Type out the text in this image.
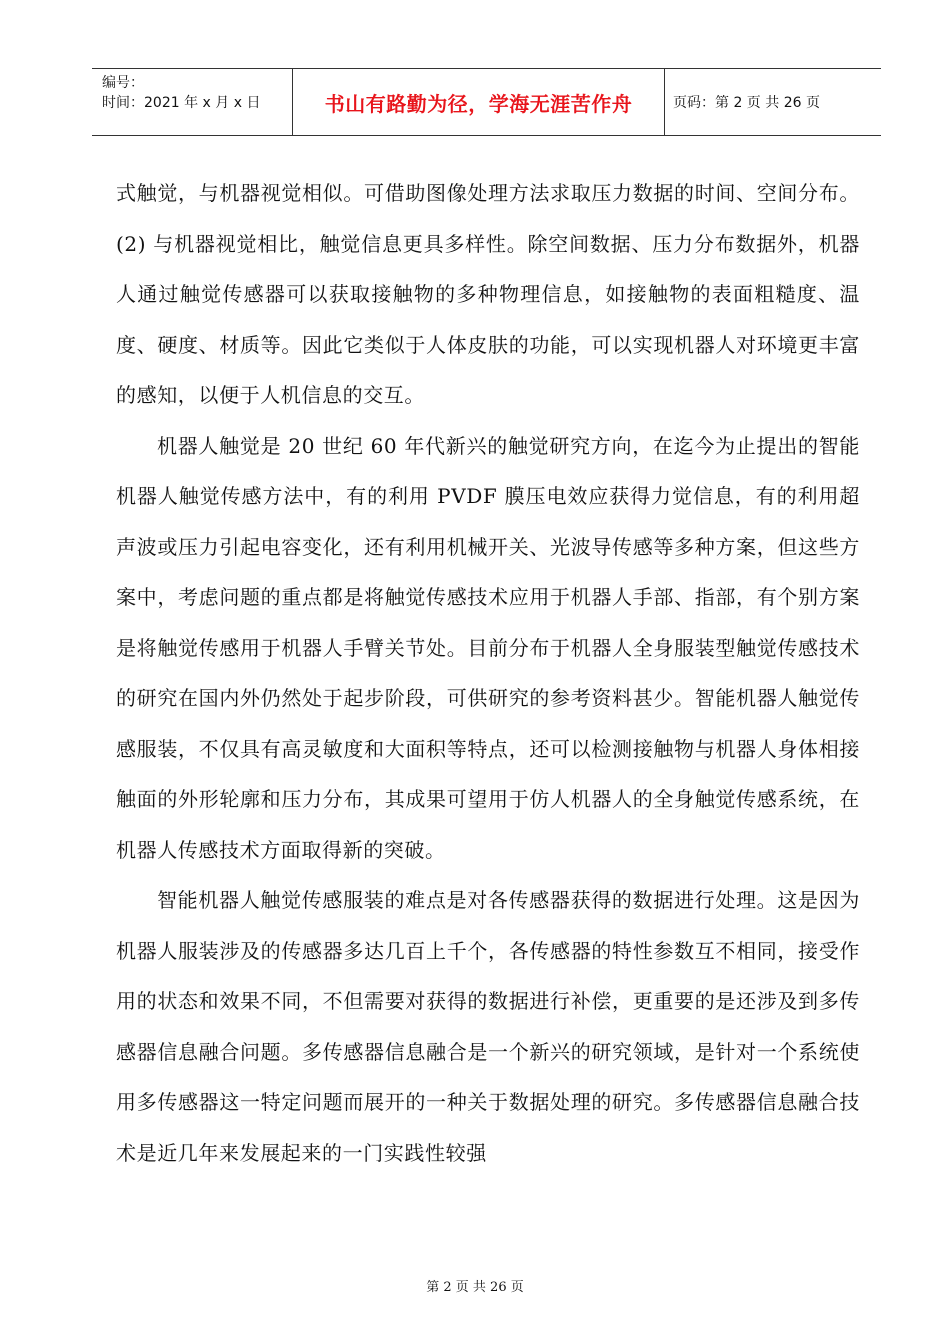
编号：
时间：2021 年 x 月 x 日	书山有路勤为径，学海无涯苦作舟	页码：第 2 页 共 26 页

式触觉，与机器视觉相似。可借助图像处理方法求取压力数据的时间、空间分布。(2) 与机器视觉相比，触觉信息更具多样性。除空间数据、压力分布数据外，机器人通过触觉传感器可以获取接触物的多种物理信息，如接触物的表面粗糙度、温度、硬度、材质等。因此它类似于人体皮肤的功能，可以实现机器人对环境更丰富的感知，以便于人机信息的交互。

机器人触觉是 20 世纪 60 年代新兴的触觉研究方向，在迄今为止提出的智能机器人触觉传感方法中，有的利用 PVDF 膜压电效应获得力觉信息，有的利用超声波或压力引起电容变化，还有利用机械开关、光波导传感等多种方案，但这些方案中，考虑问题的重点都是将触觉传感技术应用于机器人手部、指部，有个别方案是将触觉传感用于机器人手臂关节处。目前分布于机器人全身服装型触觉传感技术的研究在国内外仍然处于起步阶段，可供研究的参考资料甚少。智能机器人触觉传感服装，不仅具有高灵敏度和大面积等特点，还可以检测接触物与机器人身体相接触面的外形轮廓和压力分布，其成果可望用于仿人机器人的全身触觉传感系统，在机器人传感技术方面取得新的突破。

智能机器人触觉传感服装的难点是对各传感器获得的数据进行处理。这是因为机器人服装涉及的传感器多达几百上千个，各传感器的特性参数互不相同，接受作用的状态和效果不同，不但需要对获得的数据进行补偿，更重要的是还涉及到多传感器信息融合问题。多传感器信息融合是一个新兴的研究领域，是针对一个系统使用多传感器这一特定问题而展开的一种关于数据处理的研究。多传感器信息融合技术是近几年来发展起来的一门实践性较强

第 2 页 共 26 页
